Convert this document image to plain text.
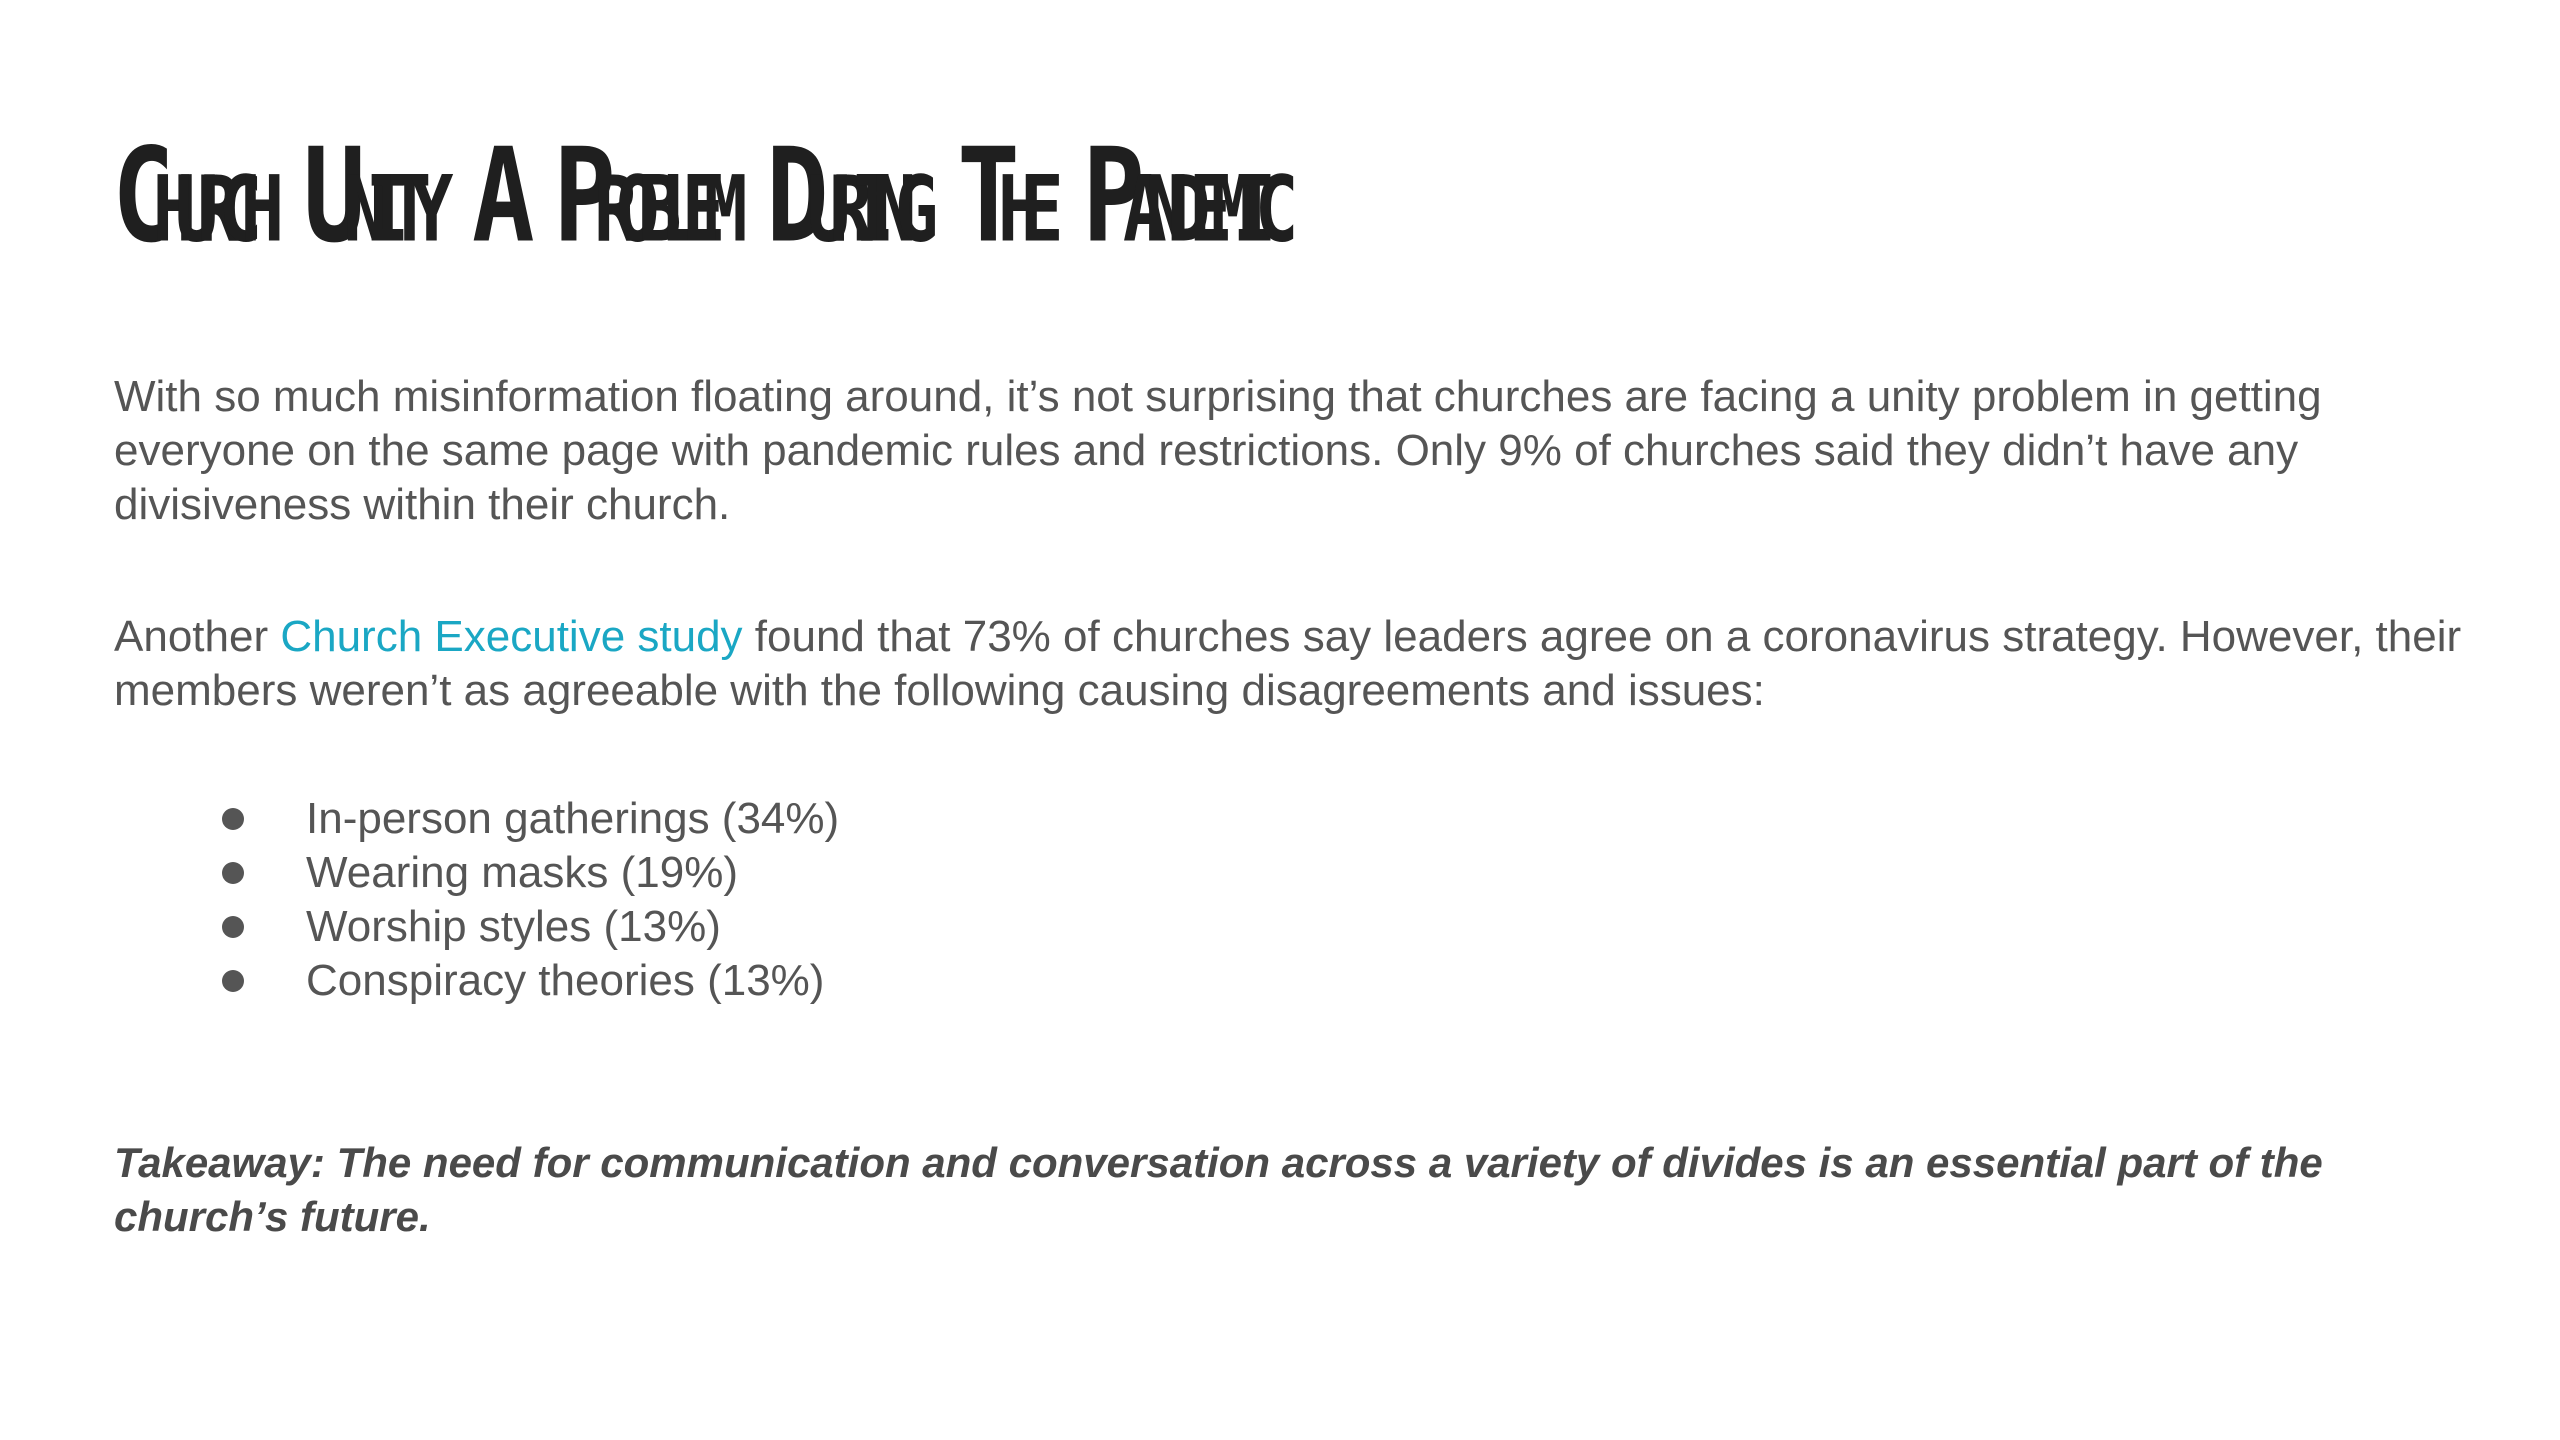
Church Unity A Problem During The Pandemic

With so much misinformation floating around, it’s not surprising that churches are facing a unity problem in getting everyone on the same page with pandemic rules and restrictions. Only 9% of churches said they didn’t have any divisiveness within their church.

Another Church Executive study found that 73% of churches say leaders agree on a coronavirus strategy. However, their members weren’t as agreeable with the following causing disagreements and issues:

In-person gatherings (34%)
Wearing masks (19%)
Worship styles (13%)
Conspiracy theories (13%)

Takeaway: The need for communication and conversation across a variety of divides is an essential part of the church’s future.
